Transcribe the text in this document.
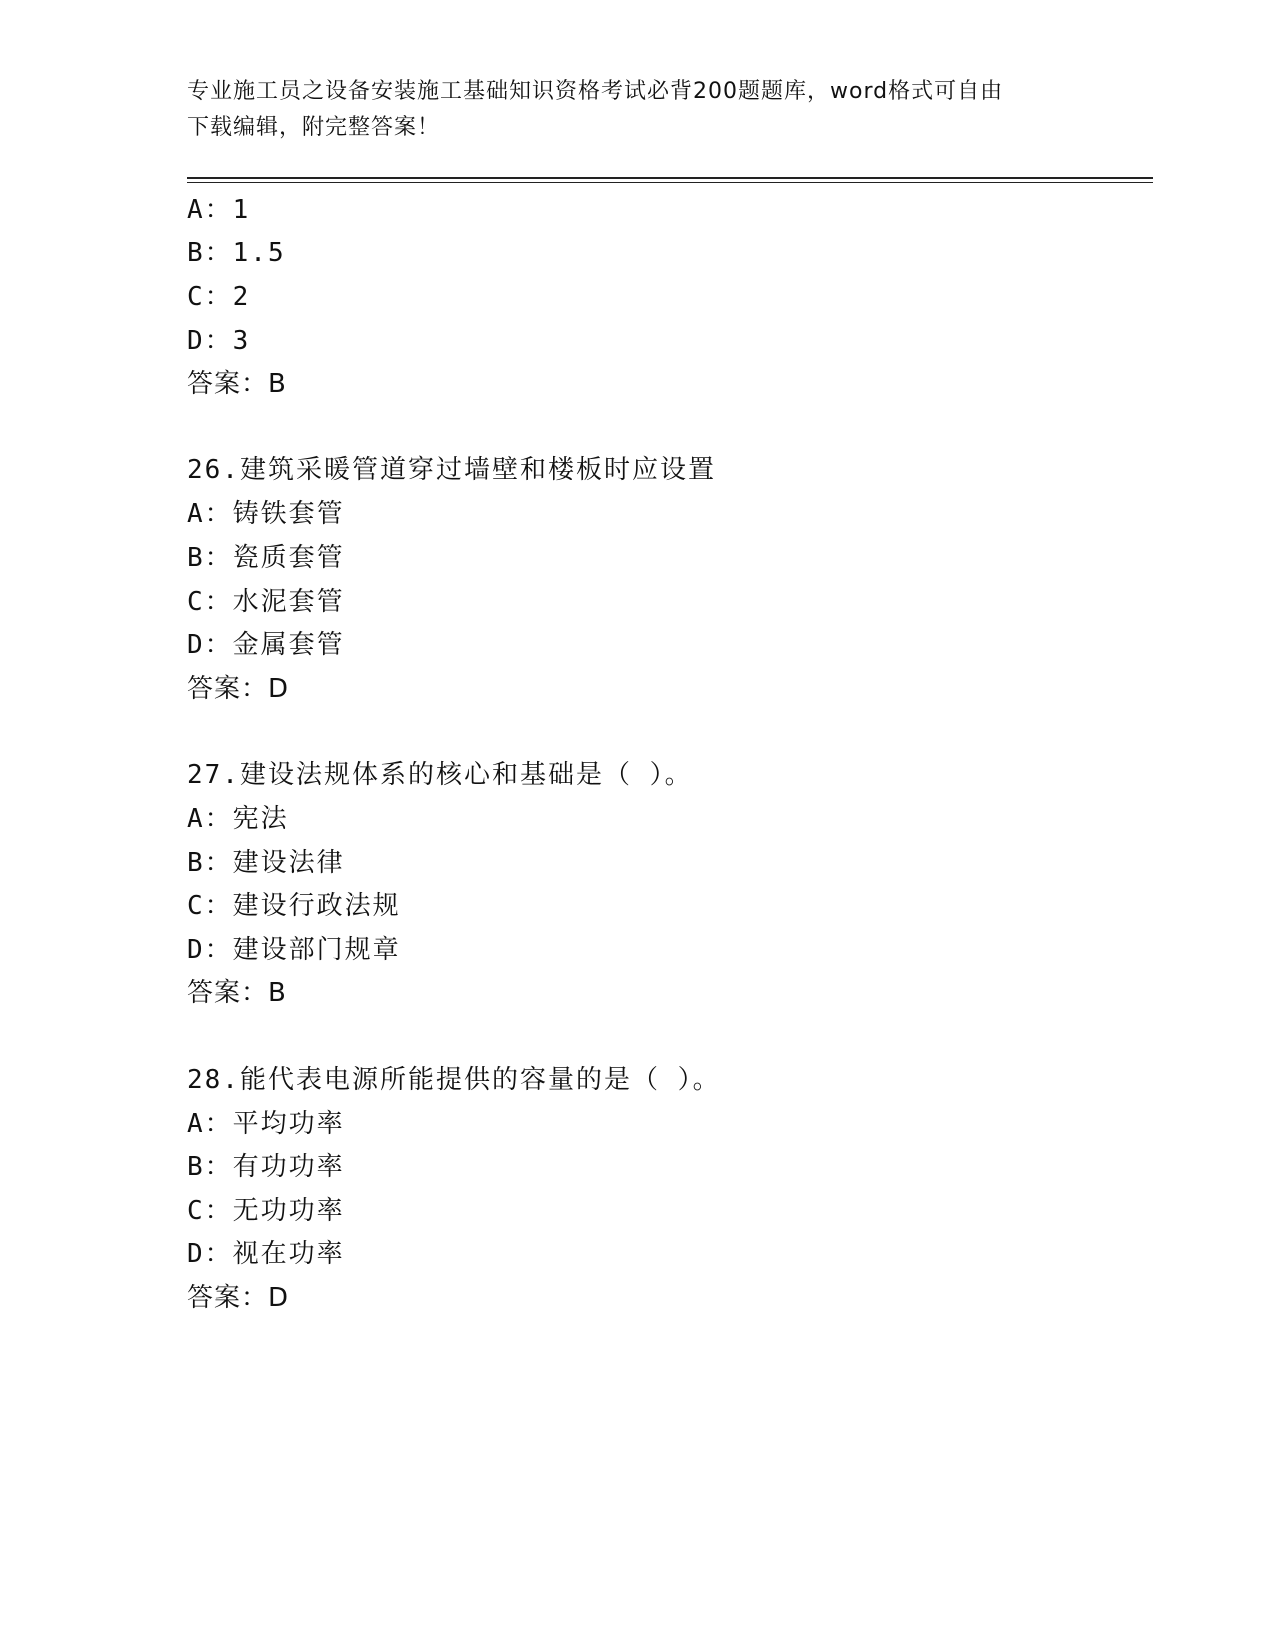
专业施工员之设备安装施工基础知识资格考试必背200题题库，word格式可自由
下载编辑，附完整答案！
A：1
B：1.5
C：2
D：3
答案：B
26.建筑采暖管道穿过墙壁和楼板时应设置
A：铸铁套管
B：瓷质套管
C：水泥套管
D：金属套管
答案：D
27.建设法规体系的核心和基础是（ ）。
A：宪法
B：建设法律
C：建设行政法规
D：建设部门规章
答案：B
28.能代表电源所能提供的容量的是（ ）。
A：平均功率
B：有功功率
C：无功功率
D：视在功率
答案：D
